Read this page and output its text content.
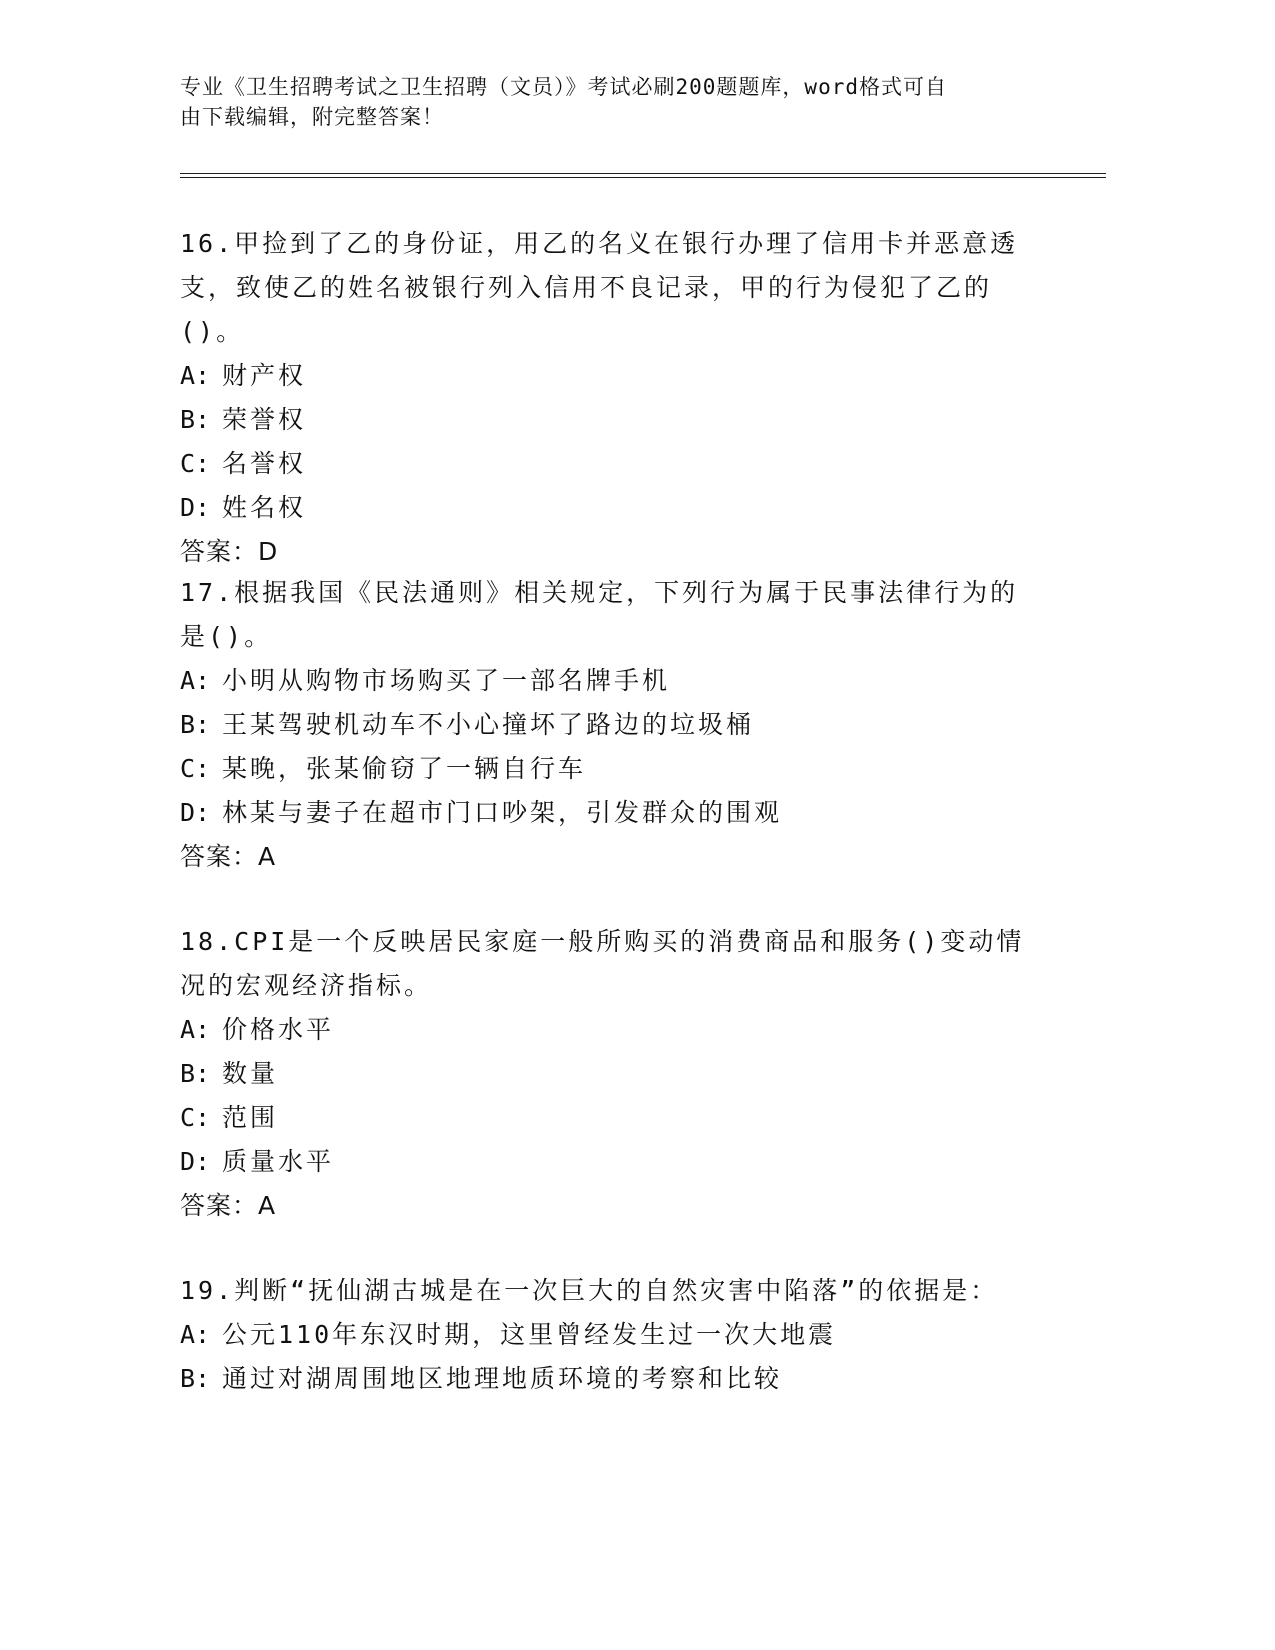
专业《卫生招聘考试之卫生招聘（文员）》考试必刷200题题库，word格式可自
由下载编辑，附完整答案！

16.甲捡到了乙的身份证，用乙的名义在银行办理了信用卡并恶意透支，致使乙的姓名被银行列入信用不良记录，甲的行为侵犯了乙的()。

A: 财产权
B: 荣誉权
C: 名誉权
D: 姓名权

答案：D

17.根据我国《民法通则》相关规定，下列行为属于民事法律行为的是()。

A: 小明从购物市场购买了一部名牌手机
B: 王某驾驶机动车不小心撞坏了路边的垃圾桶
C: 某晚，张某偷窃了一辆自行车
D: 林某与妻子在超市门口吵架，引发群众的围观

答案：A

18.CPI是一个反映居民家庭一般所购买的消费商品和服务()变动情况的宏观经济指标。

A: 价格水平
B: 数量
C: 范围
D: 质量水平

答案：A

19.判断“抚仙湖古城是在一次巨大的自然灾害中陷落”的依据是：

A: 公元110年东汉时期，这里曾经发生过一次大地震
B: 通过对湖周围地区地理地质环境的考察和比较
